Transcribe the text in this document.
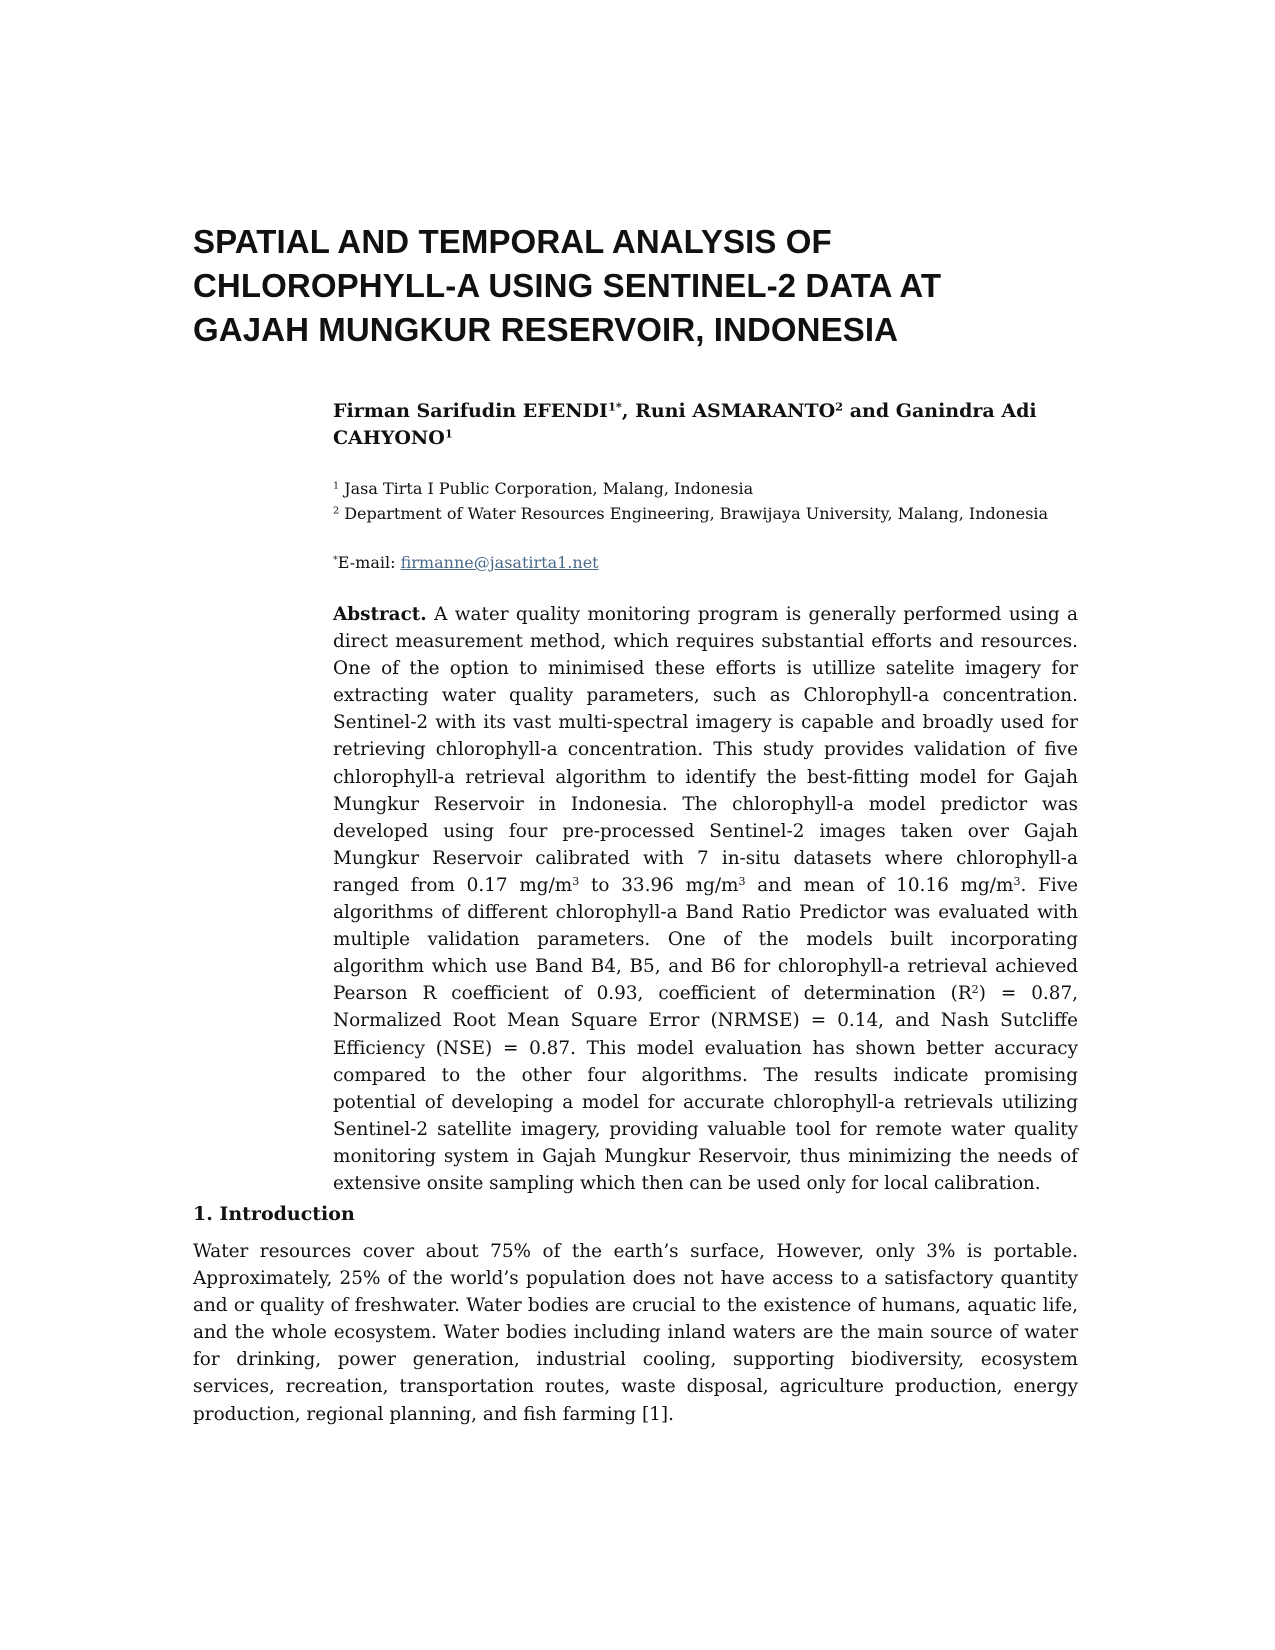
SPATIAL AND TEMPORAL ANALYSIS OF
CHLOROPHYLL-A USING SENTINEL-2 DATA AT
GAJAH MUNGKUR RESERVOIR, INDONESIA
Firman Sarifudin $EFENDI^{1*}$, Runi ASMARANTO$^2$ and Ganindra Adi CAHYONO$^1$
$^1$ Jasa Tirta I Public Corporation, Malang, Indonesia
$^2$ Department of Water Resources Engineering, Brawijaya University, Malang, Indonesia
*E-mail: firmanne@jasatirta1.net

Abstract. A water quality monitoring program is generally performed using a direct measurement method, which requires substantial efforts and resources. One of the option to minimised these efforts is utillize satelite imagery for extracting water quality parameters, such as Chlorophyll-a concentration. Sentinel-2 with its vast multi-spectral imagery is capable and broadly used for retrieving chlorophyll-a concentration. This study provides validation of five chlorophyll-a retrieval algorithm to identify the best-fitting model for Gajah Mungkur Reservoir in Indonesia. The chlorophyll-a model predictor was developed using four pre-processed Sentinel-2 images taken over Gajah Mungkur Reservoir calibrated with 7 in-situ datasets where chlorophyll-a ranged from 0.17 $mg/m^3$ to 33.96 $mg/m^3$ and mean of 10.16 $mg/m^3$. Five algorithms of different chlorophyll-a Band Ratio Predictor was evaluated with multiple validation parameters. One of the models built incorporating algorithm which use Band B4, B5, and B6 for chlorophyll-a retrieval achieved Pearson R coefficient of 0.93, coefficient of determination $(R^2) = 0.87$, Normalized Root Mean Square Error (NRMSE) = 0.14, and Nash Sutcliffe Efficiency (NSE) = 0.87. This model evaluation has shown better accuracy compared to the other four algorithms. The results indicate promising potential of developing a model for accurate chlorophyll-a retrievals utilizing Sentinel-2 satellite imagery, providing valuable tool for remote water quality monitoring system in Gajah Mungkur Reservoir, thus minimizing the needs of extensive onsite sampling which then can be used only for local calibration.

1. Introduction

Water resources cover about 75% of the earth’s surface, However, only 3% is portable. Approximately, 25% of the world’s population does not have access to a satisfactory quantity and or quality of freshwater. Water bodies are crucial to the existence of humans, aquatic life, and the whole ecosystem. Water bodies including inland waters are the main source of water for drinking, power generation, industrial cooling, supporting biodiversity, ecosystem services, recreation, transportation routes, waste disposal, agriculture production, energy production, regional planning, and fish farming [1].
